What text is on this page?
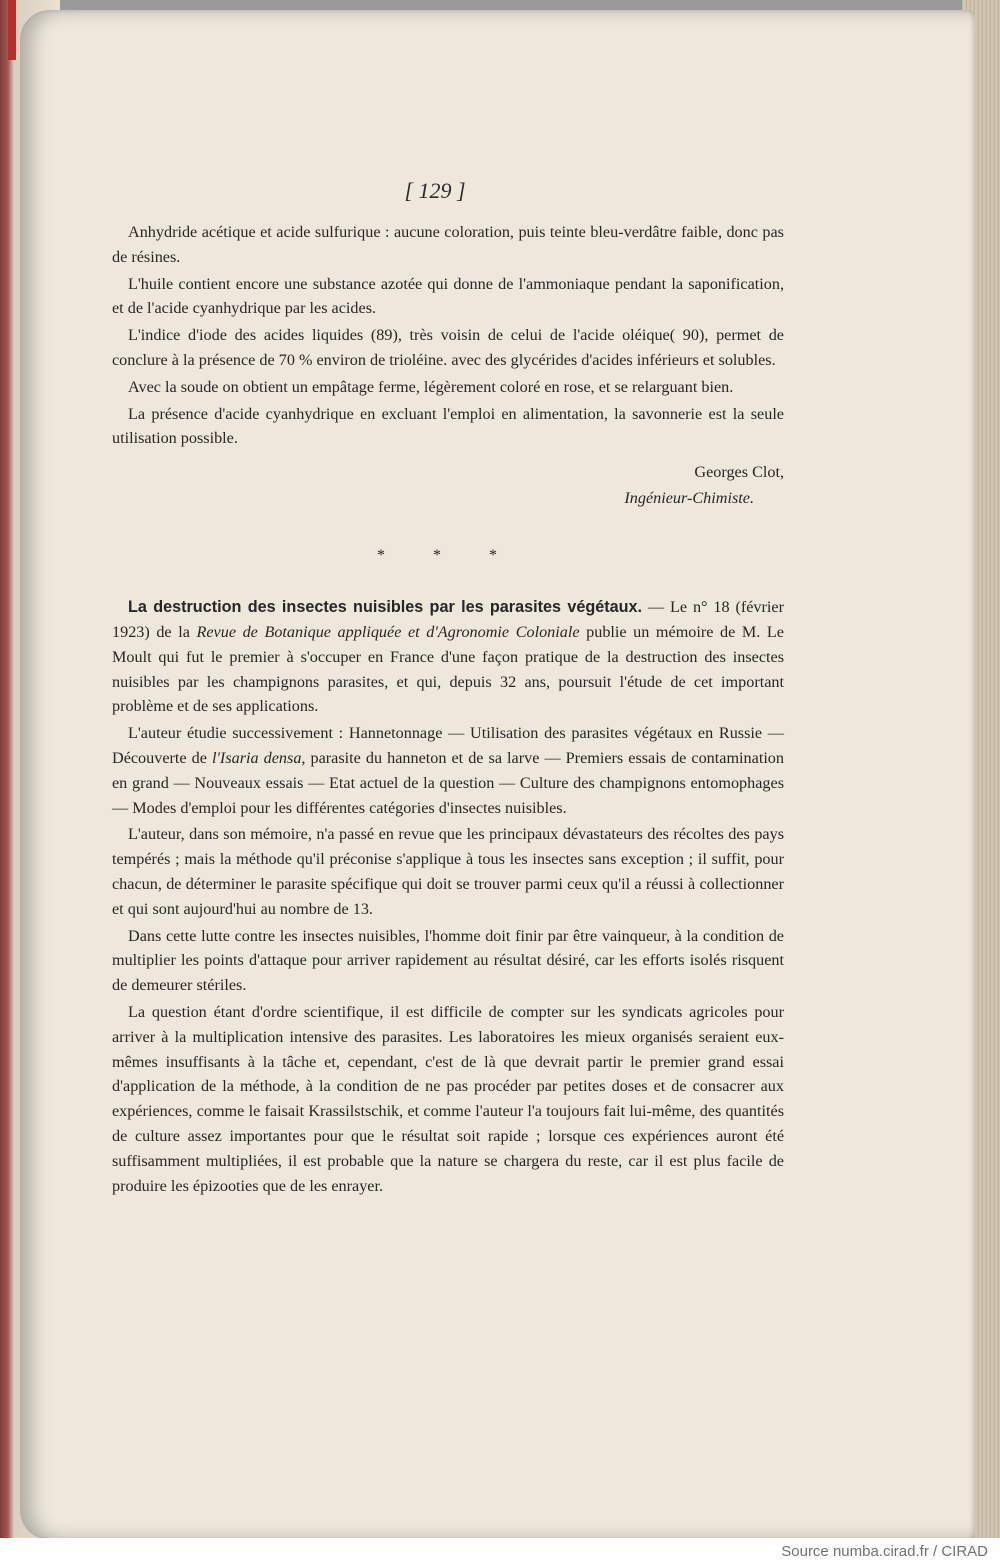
[ 129 ]

Anhydride acétique et acide sulfurique : aucune coloration, puis teinte bleu-verdâtre faible, donc pas de résines.

L'huile contient encore une substance azotée qui donne de l'ammoniaque pendant la saponification, et de l'acide cyanhydrique par les acides.

L'indice d'iode des acides liquides (89), très voisin de celui de l'acide oléique( 90), permet de conclure à la présence de 70 % environ de trioléine. avec des glycérides d'acides inférieurs et solubles.

Avec la soude on obtient un empâtage ferme, légèrement coloré en rose, et se relarguant bien.

La présence d'acide cyanhydrique en excluant l'emploi en alimentation, la savonnerie est la seule utilisation possible.

Georges Clot,
Ingénieur-Chimiste.
* * *

La destruction des insectes nuisibles par les parasites végétaux. — Le n° 18 (février 1923) de la Revue de Botanique appliquée et d'Agronomie Coloniale publie un mémoire de M. Le Moult qui fut le premier à s'occuper en France d'une façon pratique de la destruction des insectes nuisibles par les champignons parasites, et qui, depuis 32 ans, poursuit l'étude de cet important problème et de ses applications.

L'auteur étudie successivement : Hannetonnage — Utilisation des parasites végétaux en Russie — Découverte de l'Isaria densa, parasite du hanneton et de sa larve — Premiers essais de contamination en grand — Nouveaux essais — Etat actuel de la question — Culture des champignons entomophages — Modes d'emploi pour les différentes catégories d'insectes nuisibles.

L'auteur, dans son mémoire, n'a passé en revue que les principaux dévastateurs des récoltes des pays tempérés ; mais la méthode qu'il préconise s'applique à tous les insectes sans exception ; il suffit, pour chacun, de déterminer le parasite spécifique qui doit se trouver parmi ceux qu'il a réussi à collectionner et qui sont aujourd'hui au nombre de 13.

Dans cette lutte contre les insectes nuisibles, l'homme doit finir par être vainqueur, à la condition de multiplier les points d'attaque pour arriver rapidement au résultat désiré, car les efforts isolés risquent de demeurer stériles.

La question étant d'ordre scientifique, il est difficile de compter sur les syndicats agricoles pour arriver à la multiplication intensive des parasites. Les laboratoires les mieux organisés seraient eux-mêmes insuffisants à la tâche et, cependant, c'est de là que devrait partir le premier grand essai d'application de la méthode, à la condition de ne pas procéder par petites doses et de consacrer aux expériences, comme le faisait Krassilstschik, et comme l'auteur l'a toujours fait lui-même, des quantités de culture assez importantes pour que le résultat soit rapide ; lorsque ces expériences auront été suffisamment multipliées, il est probable que la nature se chargera du reste, car il est plus facile de produire les épizooties que de les enrayer.

Source numba.cirad.fr / CIRAD
